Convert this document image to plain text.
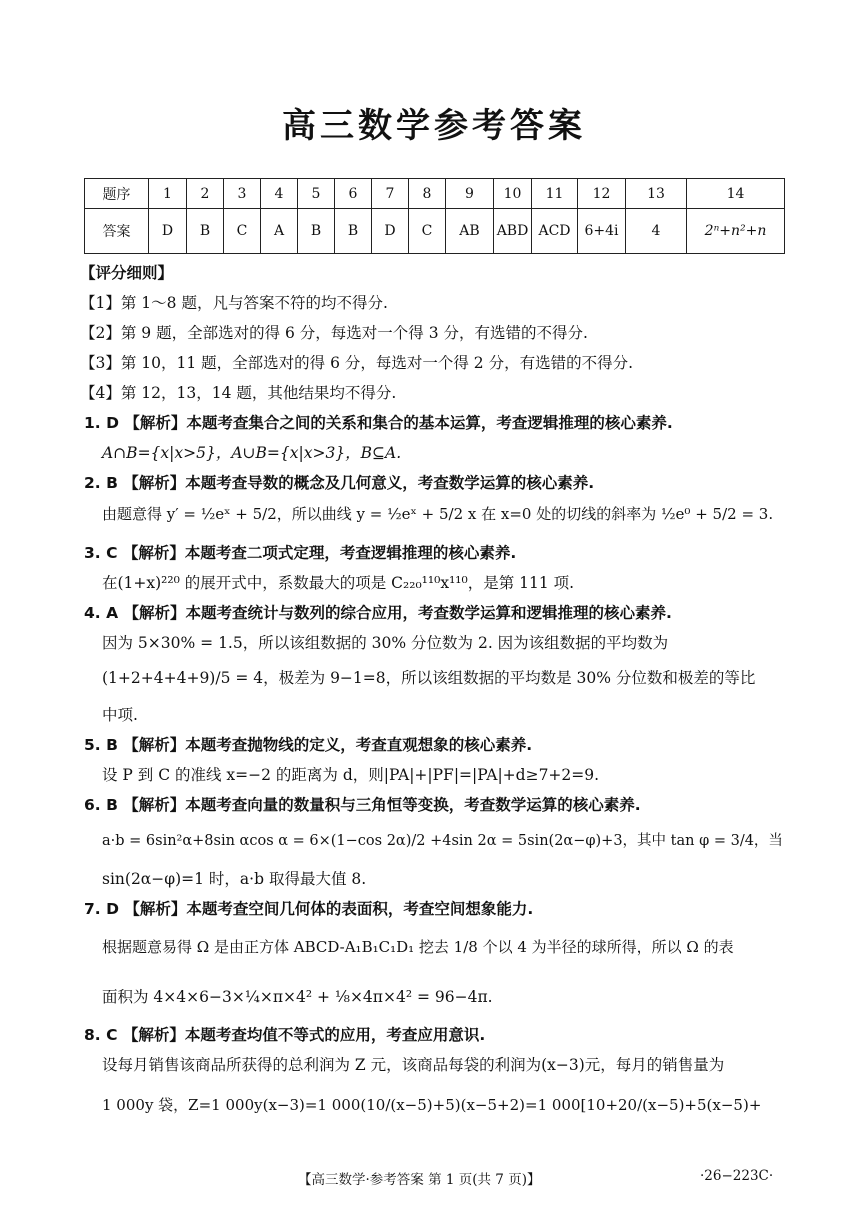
高三数学参考答案
题序	1	2	3	4	5	6	7	8	9	10	11	12	13	14
答案	D	B	C	A	B	B	D	C	AB	ABD	ACD	6+4i	4	2ⁿ+n²+n
【评分细则】
【1】第 1～8 题，凡与答案不符的均不得分.
【2】第 9 题，全部选对的得 6 分，每选对一个得 3 分，有选错的不得分.
【3】第 10，11 题，全部选对的得 6 分，每选对一个得 2 分，有选错的不得分.
【4】第 12，13，14 题，其他结果均不得分.
1. D 【解析】本题考查集合之间的关系和集合的基本运算，考查逻辑推理的核心素养.
A∩B={x|x>5}，A∪B={x|x>3}，B⊆A.
2. B 【解析】本题考查导数的概念及几何意义，考查数学运算的核心素养.
由题意得 y′ = ½eˣ + 5/2，所以曲线 y = ½eˣ + 5/2 x 在 x=0 处的切线的斜率为 ½e⁰ + 5/2 = 3.
3. C 【解析】本题考查二项式定理，考查逻辑推理的核心素养.
在(1+x)²²⁰ 的展开式中，系数最大的项是 C₂₂₀¹¹⁰x¹¹⁰，是第 111 项.
4. A 【解析】本题考查统计与数列的综合应用，考查数学运算和逻辑推理的核心素养.
因为 5×30% = 1.5，所以该组数据的 30% 分位数为 2. 因为该组数据的平均数为
(1+2+4+4+9)/5 = 4，极差为 9−1=8，所以该组数据的平均数是 30% 分位数和极差的等比
中项.
5. B 【解析】本题考查抛物线的定义，考查直观想象的核心素养.
设 P 到 C 的准线 x=−2 的距离为 d，则|PA|+|PF|=|PA|+d≥7+2=9.
6. B 【解析】本题考查向量的数量积与三角恒等变换，考查数学运算的核心素养.
a·b = 6sin²α+8sin αcos α = 6×(1−cos 2α)/2 +4sin 2α = 5sin(2α−φ)+3，其中 tan φ = 3/4，当
sin(2α−φ)=1 时，a·b 取得最大值 8.
7. D 【解析】本题考查空间几何体的表面积，考查空间想象能力.
根据题意易得 Ω 是由正方体 ABCD-A₁B₁C₁D₁ 挖去 1/8 个以 4 为半径的球所得，所以 Ω 的表
面积为 4×4×6−3×¼×π×4² + ⅛×4π×4² = 96−4π.
8. C 【解析】本题考查均值不等式的应用，考查应用意识.
设每月销售该商品所获得的总利润为 Z 元，该商品每袋的利润为(x−3)元，每月的销售量为
1 000y 袋，Z=1 000y(x−3)=1 000(10/(x−5)+5)(x−5+2)=1 000[10+20/(x−5)+5(x−5)+
【高三数学·参考答案 第 1 页(共 7 页)】	·26−223C·
